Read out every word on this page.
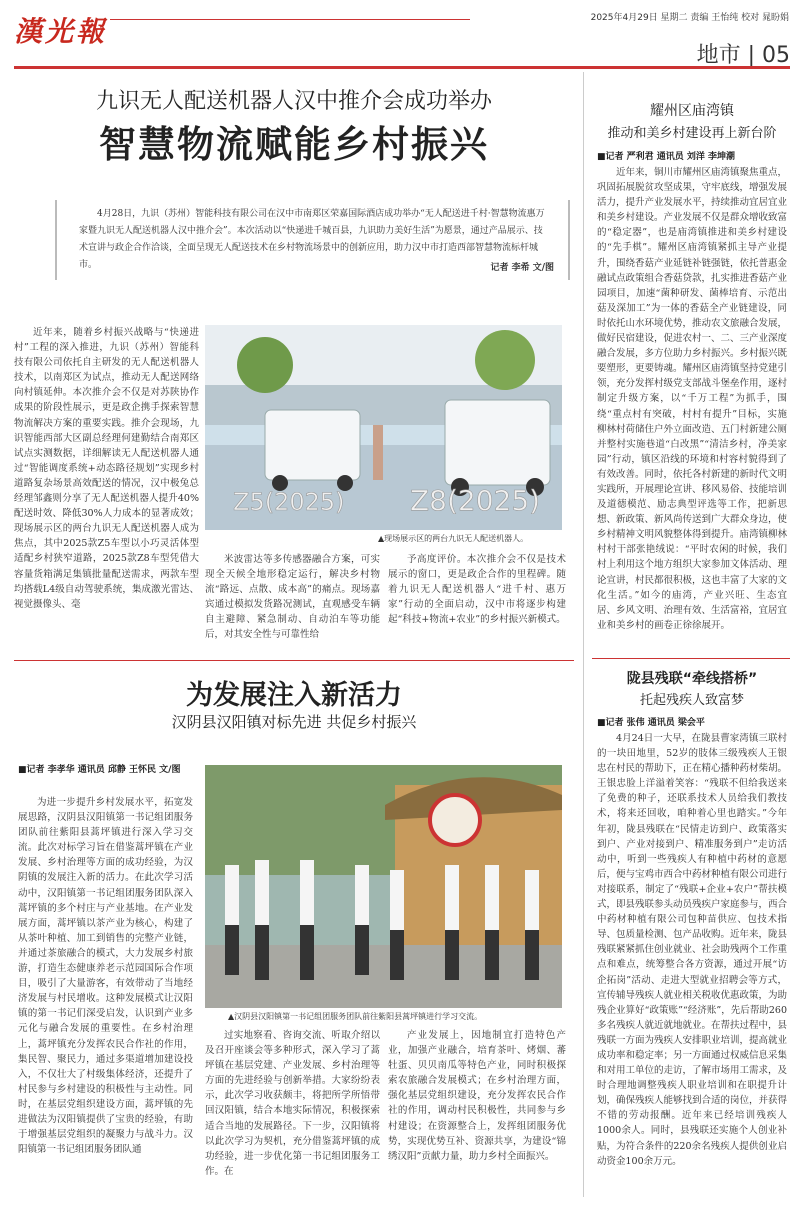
漢光報	2025年4月29日 星期二 责编 王怡纯 校对 晁盼娟
地市 | 05
九识无人配送机器人汉中推介会成功举办
智慧物流赋能乡村振兴
4月28日，九识（苏州）智能科技有限公司在汉中市南郑区荣嘉国际酒店成功举办“无人配送进千村·智慧物流惠万家暨九识无人配送机器人汉中推介会”。本次活动以“快递进千城百县，九识助力美好生活”为愿景，通过产品展示、技术宣讲与政企合作洽谈，全面呈现无人配送技术在乡村物流场景中的创新应用，助力汉中市打造西部智慧物流标杆城市。	记者 李希 文/图
近年来，随着乡村振兴战略与“快递进村”工程的深入推进，九识（苏州）智能科技有限公司依托自主研发的无人配送机器人技术，以南郑区为试点，推动无人配送网络向村镇延伸。本次推介会不仅是对苏陕协作成果的阶段性展示，更是政企携手探索智慧物流解决方案的重要实践。推介会现场，九识智能西部大区副总经理何建勤结合南郑区试点实测数据，详细解读无人配送机器人通过“智能调度系统+动态路径规划”实现乡村道路复杂场景高效配送的情况，汉中极兔总经理邹鑫则分享了无人配送机器人提升40%配送时效、降低30%人力成本的显著成效；现场展示区的两台九识无人配送机器人成为焦点，其中2025款Z5车型以小巧灵活体型适配乡村狭窄道路，2025款Z8车型凭借大容量货箱满足集镇批量配送需求，两款车型均搭载L4级自动驾驶系统，集成激光雷达、视觉摄像头、毫
Z5(2025) Z8(2025)
▲现场展示区的两台九识无人配送机器人。
米波雷达等多传感器融合方案，可实现全天候全地形稳定运行，解决乡村物流“路远、点散、成本高”的痛点。现场嘉宾通过模拟发货路况测试，直观感受车辆自主避障、紧急制动、自动泊车等功能后，对其安全性与可靠性给
予高度评价。本次推介会不仅是技术展示的窗口，更是政企合作的里程碑。随着九识无人配送机器人“进千村、惠万家”行动的全面启动，汉中市将逐步构建起“科技+物流+农业”的乡村振兴新模式。
为发展注入新活力
汉阴县汉阳镇对标先进 共促乡村振兴
■记者 李孝华 通讯员 邱静 王怀民 文/图
为进一步提升乡村发展水平，拓宽发展思路，汉阴县汉阳镇第一书记组团服务团队前往紫阳县蒿坪镇进行深入学习交流。此次对标学习旨在借鉴蒿坪镇在产业发展、乡村治理等方面的成功经验，为汉阴镇的发展注入新的活力。在此次学习活动中，汉阳镇第一书记组团服务团队深入蒿坪镇的多个村庄与产业基地。在产业发展方面，蒿坪镇以茶产业为核心，构建了从茶叶种植、加工到销售的完整产业链，并通过茶旅融合的模式，大力发展乡村旅游，打造生态健康养老示范园国际合作项目，吸引了大量游客，有效带动了当地经济发展与村民增收。这种发展模式让汉阳镇的第一书记们深受启发，认识到产业多元化与融合发展的重要性。在乡村治理上，蒿坪镇充分发挥农民合作社的作用，集民智、聚民力，通过多渠道增加建设投入，不仅壮大了村级集体经济，还提升了村民参与乡村建设的积极性与主动性。同时，在基层党组织建设方面，蒿坪镇的先进做法为汉阳镇提供了宝贵的经验，有助于增强基层党组织的凝聚力与战斗力。汉阳镇第一书记组团服务团队通
▲汉阴县汉阳镇第一书记组团服务团队前往紫阳县蒿坪镇进行学习交流。
过实地察看、咨询交流、听取介绍以及召开座谈会等多种形式，深入学习了蒿坪镇在基层党建、产业发展、乡村治理等方面的先进经验与创新举措。大家纷纷表示，此次学习收获颇丰，将把所学所悟带回汉阳镇，结合本地实际情况，积极探索适合当地的发展路径。下一步，汉阳镇将以此次学习为契机，充分借鉴蒿坪镇的成功经验，进一步优化第一书记组团服务工作。在
产业发展上，因地制宜打造特色产业，加强产业融合，培育茶叶、烤烟、蕃牡蛋、贝贝南瓜等特色产业，同时积极探索农旅融合发展模式；在乡村治理方面，强化基层党组织建设，充分发挥农民合作社的作用，调动村民积极性，共同参与乡村建设；在资源整合上，发挥组团服务优势，实现优势互补、资源共享，为建设“锦绣汉阳”贡献力量，助力乡村全面振兴。
耀州区庙湾镇
推动和美乡村建设再上新台阶
■记者 严利君 通讯员 刘洋 李坤潮
近年来，铜川市耀州区庙湾镇聚焦重点，巩固拓展脱贫攻坚成果，守牢底线，增强发展活力，提升产业发展水平，持续推动宜居宜业和美乡村建设。产业发展不仅是群众增收致富的“稳定器”，也是庙湾镇推进和美乡村建设的“先手棋”。耀州区庙湾镇紧抓主导产业提升，围绕香菇产业延链补链强链，依托普惠金融试点政策组合香菇贷款，扎实推进香菇产业园项目，加速“菌种研发、菌棒培育、示范出菇及深加工”为一体的香菇全产业链建设，同时依托山水环境优势，推动农文旅融合发展，做好民宿建设，促进农村一、二、三产业深度融合发展，多方位助力乡村振兴。乡村振兴既要塑形，更要铸魂。耀州区庙湾镇坚持党建引领，充分发挥村级党支部战斗堡垒作用，逐村制定升级方案，以“千万工程”为抓手，围绕“重点村有突破，村村有提升”目标，实施柳林村荷储住户外立面改造、五门村新建公厕并整村实施巷道“白改黑”“清洁乡村，净美家园”行动，镇区沿线的环境和村容村貌得到了有效改善。同时，依托各村新建的新时代文明实践所，开展理论宣讲、移风易俗、技能培训及道德模范、励志典型评选等工作，把新思想、新政策、新风尚传送到广大群众身边，使乡村精神文明风貌整体得到提升。庙湾镇柳林村村干部张艳绒说：“平时农闲的时候，我们村上利用这个地方组织大家参加文体活动、理论宣讲，村民都很积极，这也丰富了大家的文化生活。”如今的庙湾，产业兴旺、生态宜居、乡风文明、治理有效、生活富裕，宜居宜业和美乡村的画卷正徐徐展开。
陇县残联“牵线搭桥”
托起残疾人致富梦
■记者 张伟 通讯员 梁会平
4月24日一大早，在陇县曹家湾镇三联村的一块田地里，52岁的肢体三级残疾人王银忠在村民的帮助下，正在精心播种药材柴胡。王银忠脸上洋溢着笑容：“残联不但给我送来了免费的种子，还联系技术人员给我们教技术，将来还回收，咱种着心里也踏实。”今年年初，陇县残联在“民情走访到户、政策落实到户、产业对接到户、精准服务到户”走访活动中，听到一些残疾人有种植中药材的意愿后，便与宝鸡市西合中药材种植有限公司进行对接联系，制定了“残联+企业+农户”帮扶模式，即县残联参头动员残疾户家庭参与，西合中药材种植有限公司包种苗供应、包技术指导、包质量检测、包产品收购。近年来，陇县残联紧紧抓住创业就业、社会助残两个工作重点和难点，统筹整合各方资源，通过开展“访企拓岗”活动、走进大型就业招聘会等方式，宣传辅导残疾人就业相关税收优惠政策，为助残企业算好“政策账”“经济账”，先后帮助260多名残疾人就近就地就业。在帮扶过程中，县残联一方面为残疾人安排职业培训，提高就业成功率和稳定率；另一方面通过权威信息采集和对用工单位的走访，了解市场用工需求，及时合理地调整残疾人职业培训和在职提升计划，确保残疾人能够找到合适的岗位，并获得不错的劳动报酬。近年来已经培训残疾人1000余人。同时，县残联还实施个人创业补贴，为符合条件的220余名残疾人提供创业启动资金100余万元。
